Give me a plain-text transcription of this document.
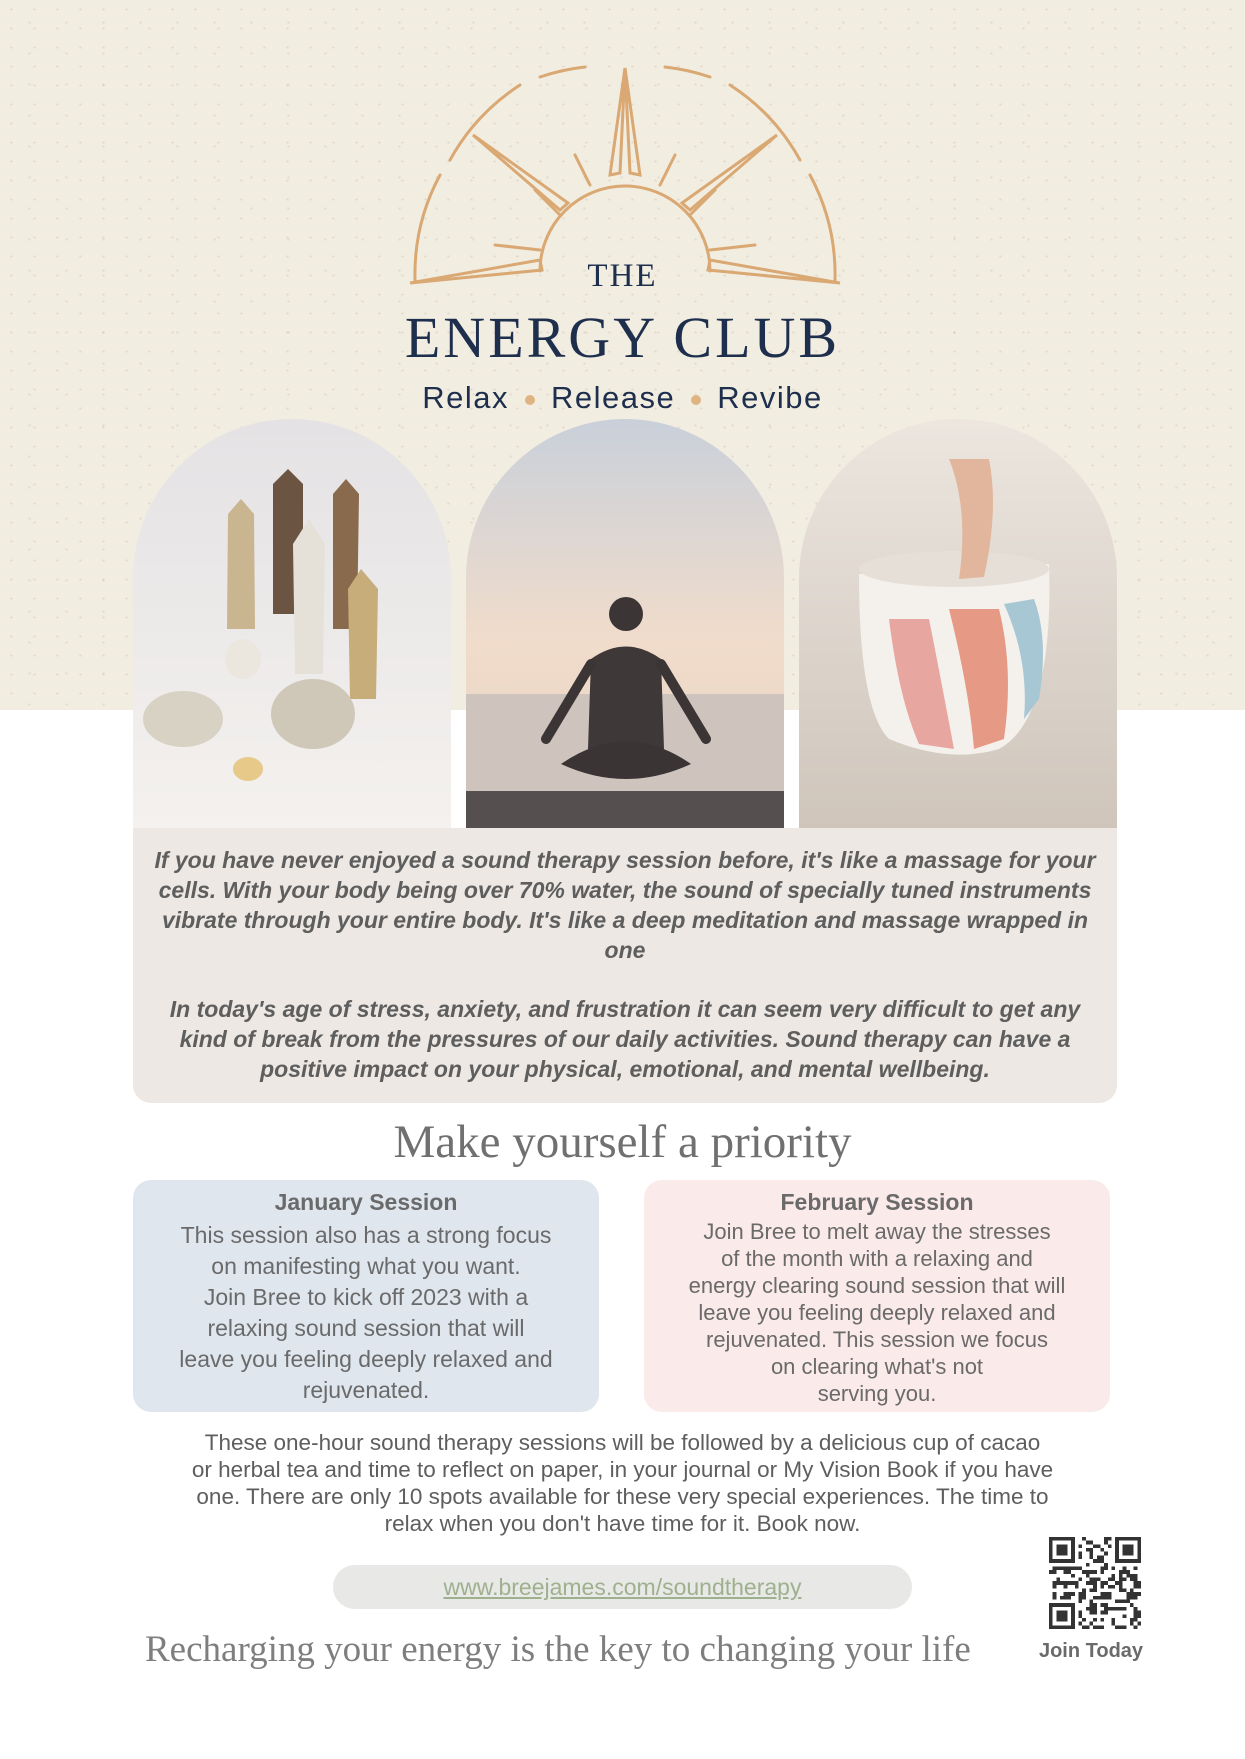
THE
ENERGY CLUB
Relax Release Revibe
If you have never enjoyed a sound therapy session before, it's like a massage for your cells. With your body being over 70% water, the sound of specially tuned instruments vibrate through your entire body. It's like a deep meditation and massage wrapped in one
In today's age of stress, anxiety, and frustration it can seem very difficult to get any kind of break from the pressures of our daily activities. Sound therapy can have a positive impact on your physical, emotional, and mental wellbeing.
Make yourself a priority
January Session
This session also has a strong focus
on manifesting what you want.
Join Bree to kick off 2023 with a
relaxing sound session that will
leave you feeling deeply relaxed and
rejuvenated.
February Session
Join Bree to melt away the stresses
of the month with a relaxing and
energy clearing sound session that will
leave you feeling deeply relaxed and
rejuvenated. This session we focus
on clearing what's not
serving you.
These one-hour sound therapy sessions will be followed by a delicious cup of cacao
or herbal tea and time to reflect on paper, in your journal or My Vision Book if you have
one. There are only 10 spots available for these very special experiences. The time to
relax when you don't have time for it. Book now.
www.breejames.com/soundtherapy
Recharging your energy is the key to changing your life	Join Today
